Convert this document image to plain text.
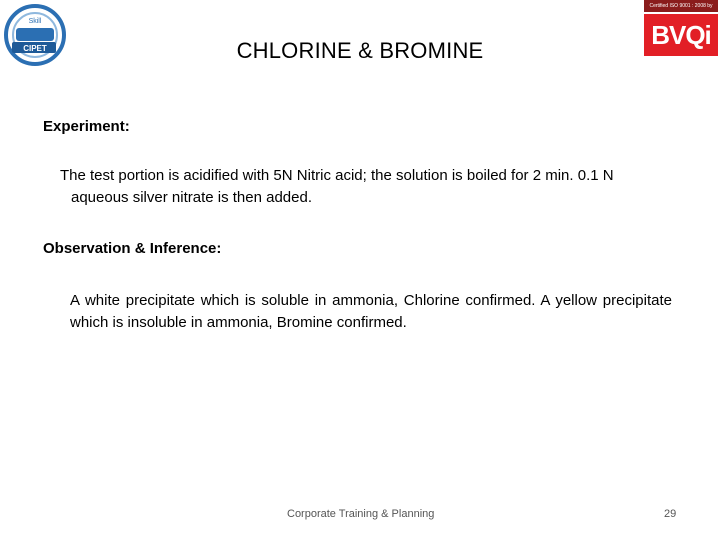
Skill
CIPET
Certified ISO 9001 : 2008 by
BVQi
CHLORINE & BROMINE
Experiment:
The test portion is acidified with 5N Nitric acid; the solution is boiled for 2 min. 0.1 N
aqueous silver nitrate is then added.
Observation & Inference:
A white precipitate which is soluble in ammonia, Chlorine confirmed. A yellow precipitate which is insoluble in ammonia, Bromine confirmed.
Corporate Training & Planning	29
